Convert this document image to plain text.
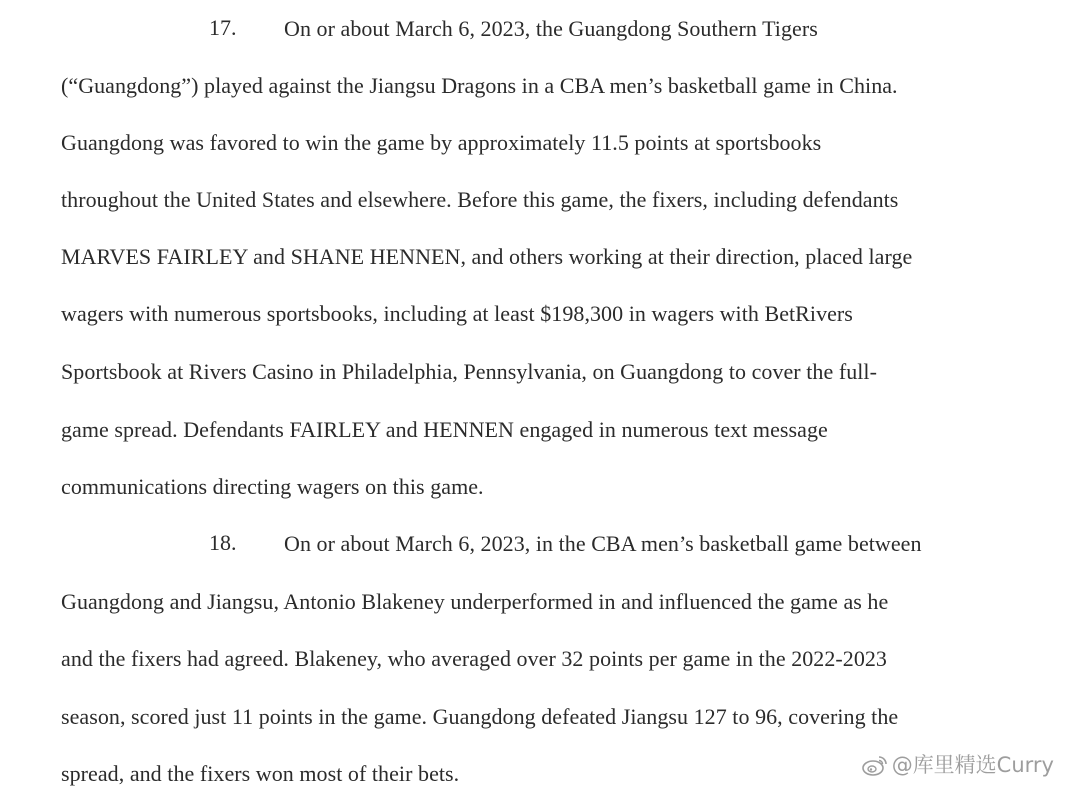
17. On or about March 6, 2023, the Guangdong Southern Tigers
(“Guangdong”) played against the Jiangsu Dragons in a CBA men’s basketball game in China.
Guangdong was favored to win the game by approximately 11.5 points at sportsbooks
throughout the United States and elsewhere. Before this game, the fixers, including defendants
MARVES FAIRLEY and SHANE HENNEN, and others working at their direction, placed large
wagers with numerous sportsbooks, including at least $198,300 in wagers with BetRivers
Sportsbook at Rivers Casino in Philadelphia, Pennsylvania, on Guangdong to cover the full-
game spread. Defendants FAIRLEY and HENNEN engaged in numerous text message
communications directing wagers on this game.
18. On or about March 6, 2023, in the CBA men’s basketball game between
Guangdong and Jiangsu, Antonio Blakeney underperformed in and influenced the game as he
and the fixers had agreed. Blakeney, who averaged over 32 points per game in the 2022-2023
season, scored just 11 points in the game. Guangdong defeated Jiangsu 127 to 96, covering the
spread, and the fixers won most of their bets.	@库里精选Curry
